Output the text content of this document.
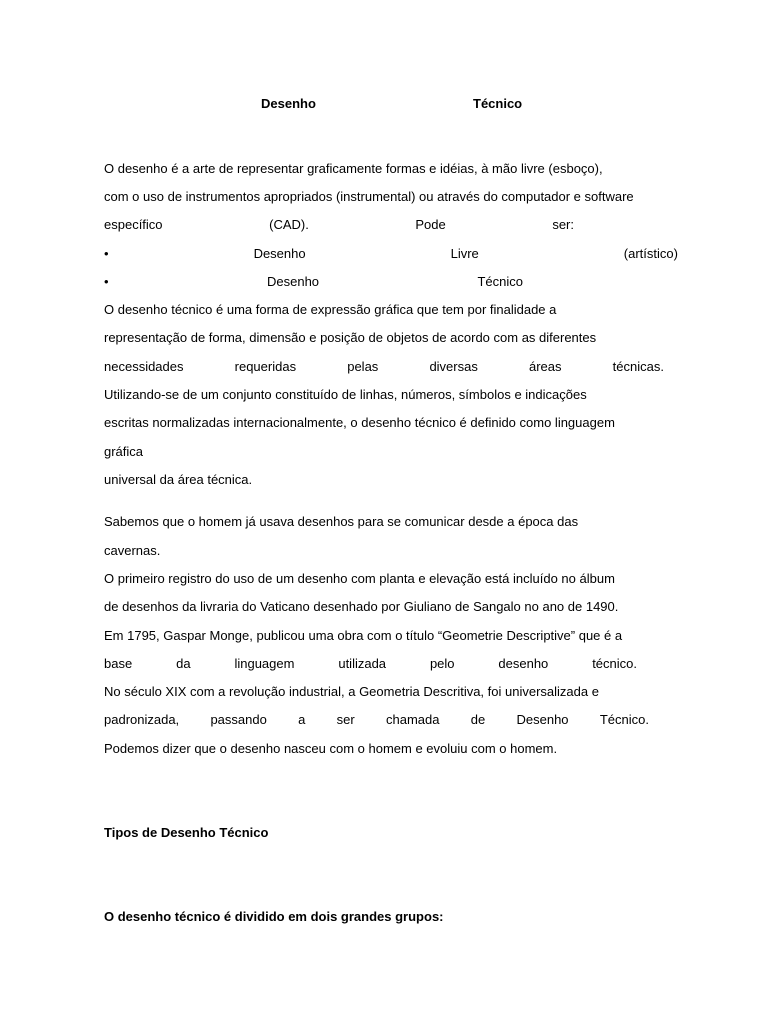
Desenho	Técnico
O desenho é a arte de representar graficamente formas e idéias, à mão livre (esboço),
com o uso de instrumentos apropriados (instrumental) ou através do computador e software
específico	(CAD).	Pode	ser:
•	Desenho	Livre	(artístico)
•	Desenho	Técnico
O desenho técnico é uma forma de expressão gráfica que tem por finalidade a
representação de forma, dimensão e posição de objetos de acordo com as diferentes
necessidades	requeridas	pelas	diversas	áreas	técnicas.
Utilizando-se de um conjunto constituído de linhas, números, símbolos e indicações
escritas normalizadas internacionalmente, o desenho técnico é definido como linguagem
gráfica
universal da área técnica.
Sabemos que o homem já usava desenhos para se comunicar desde a época das
cavernas.
O primeiro registro do uso de um desenho com planta e elevação está incluído no álbum
de desenhos da livraria do Vaticano desenhado por Giuliano de Sangalo no ano de 1490.
Em 1795, Gaspar Monge, publicou uma obra com o título “Geometrie Descriptive” que é a
base	da	linguagem	utilizada	pelo	desenho	técnico.
No século XIX com a revolução industrial, a Geometria Descritiva, foi universalizada e
padronizada, passando a ser chamada de Desenho Técnico.
Podemos dizer que o desenho nasceu com o homem e evoluiu com o homem.
Tipos de Desenho Técnico
O desenho técnico é dividido em dois grandes grupos:
